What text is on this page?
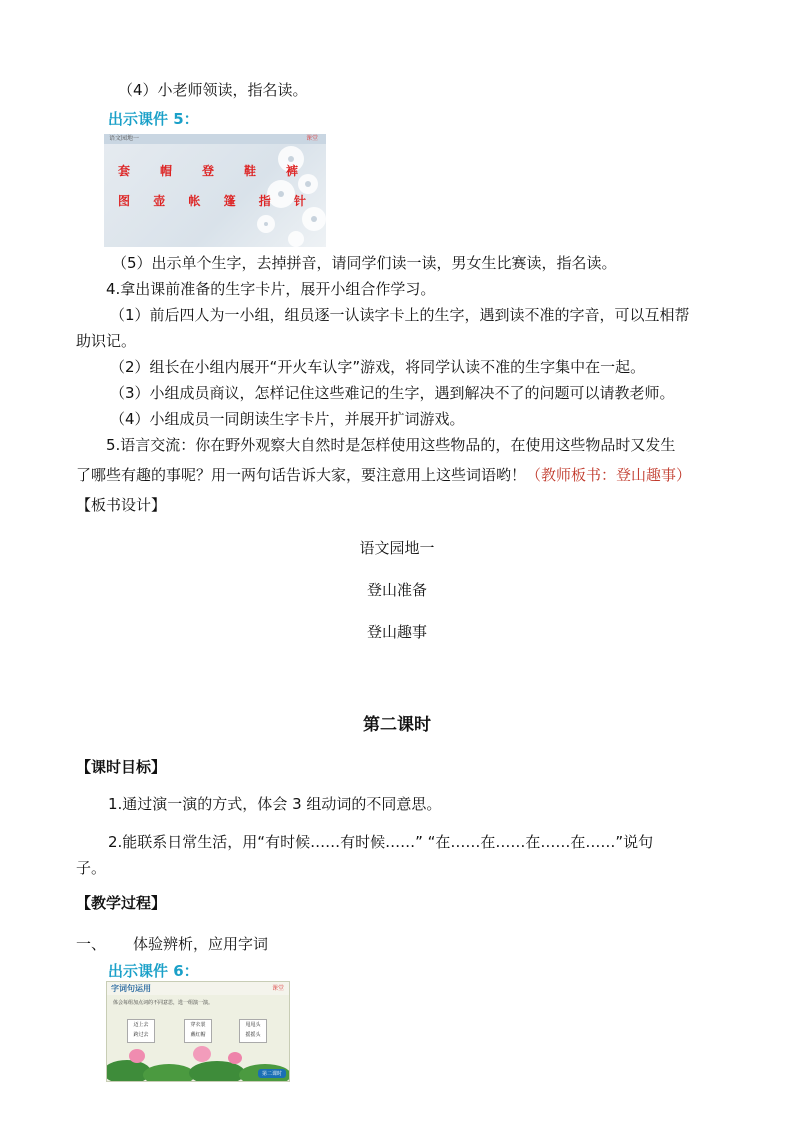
（4）小老师领读，指名读。
出示课件 5：
语文园地一	课堂
套 帽 登 鞋 裤
图 壶 帐 篷 指 针
（5）出示单个生字，去掉拼音，请同学们读一读，男女生比赛读，指名读。
4.拿出课前准备的生字卡片，展开小组合作学习。
（1）前后四人为一小组，组员逐一认读字卡上的生字，遇到读不准的字音，可以互相帮
助识记。
（2）组长在小组内展开“开火车认字”游戏，将同学认读不准的生字集中在一起。
（3）小组成员商议，怎样记住这些难记的生字，遇到解决不了的问题可以请教老师。
（4）小组成员一同朗读生字卡片，并展开扩词游戏。
5.语言交流：你在野外观察大自然时是怎样使用这些物品的，在使用这些物品时又发生
了哪些有趣的事呢？用一两句话告诉大家，要注意用上这些词语哟！（教师板书：登山趣事）
【板书设计】
语文园地一
登山准备
登山趣事
第二课时
【课时目标】
1.通过演一演的方式，体会 3 组动词的不同意思。
2.能联系日常生活，用“有时候……有时候……” “在……在……在……在……”说句
子。
【教学过程】
一、 体验辨析，应用字词
出示课件 6：
字词句运用	课堂
体会每组加点词的不同意思，选一组演一演。
迈上去
跨过去
穿衣裳
戴红帽
甩甩头
摇摇头
第二课时
